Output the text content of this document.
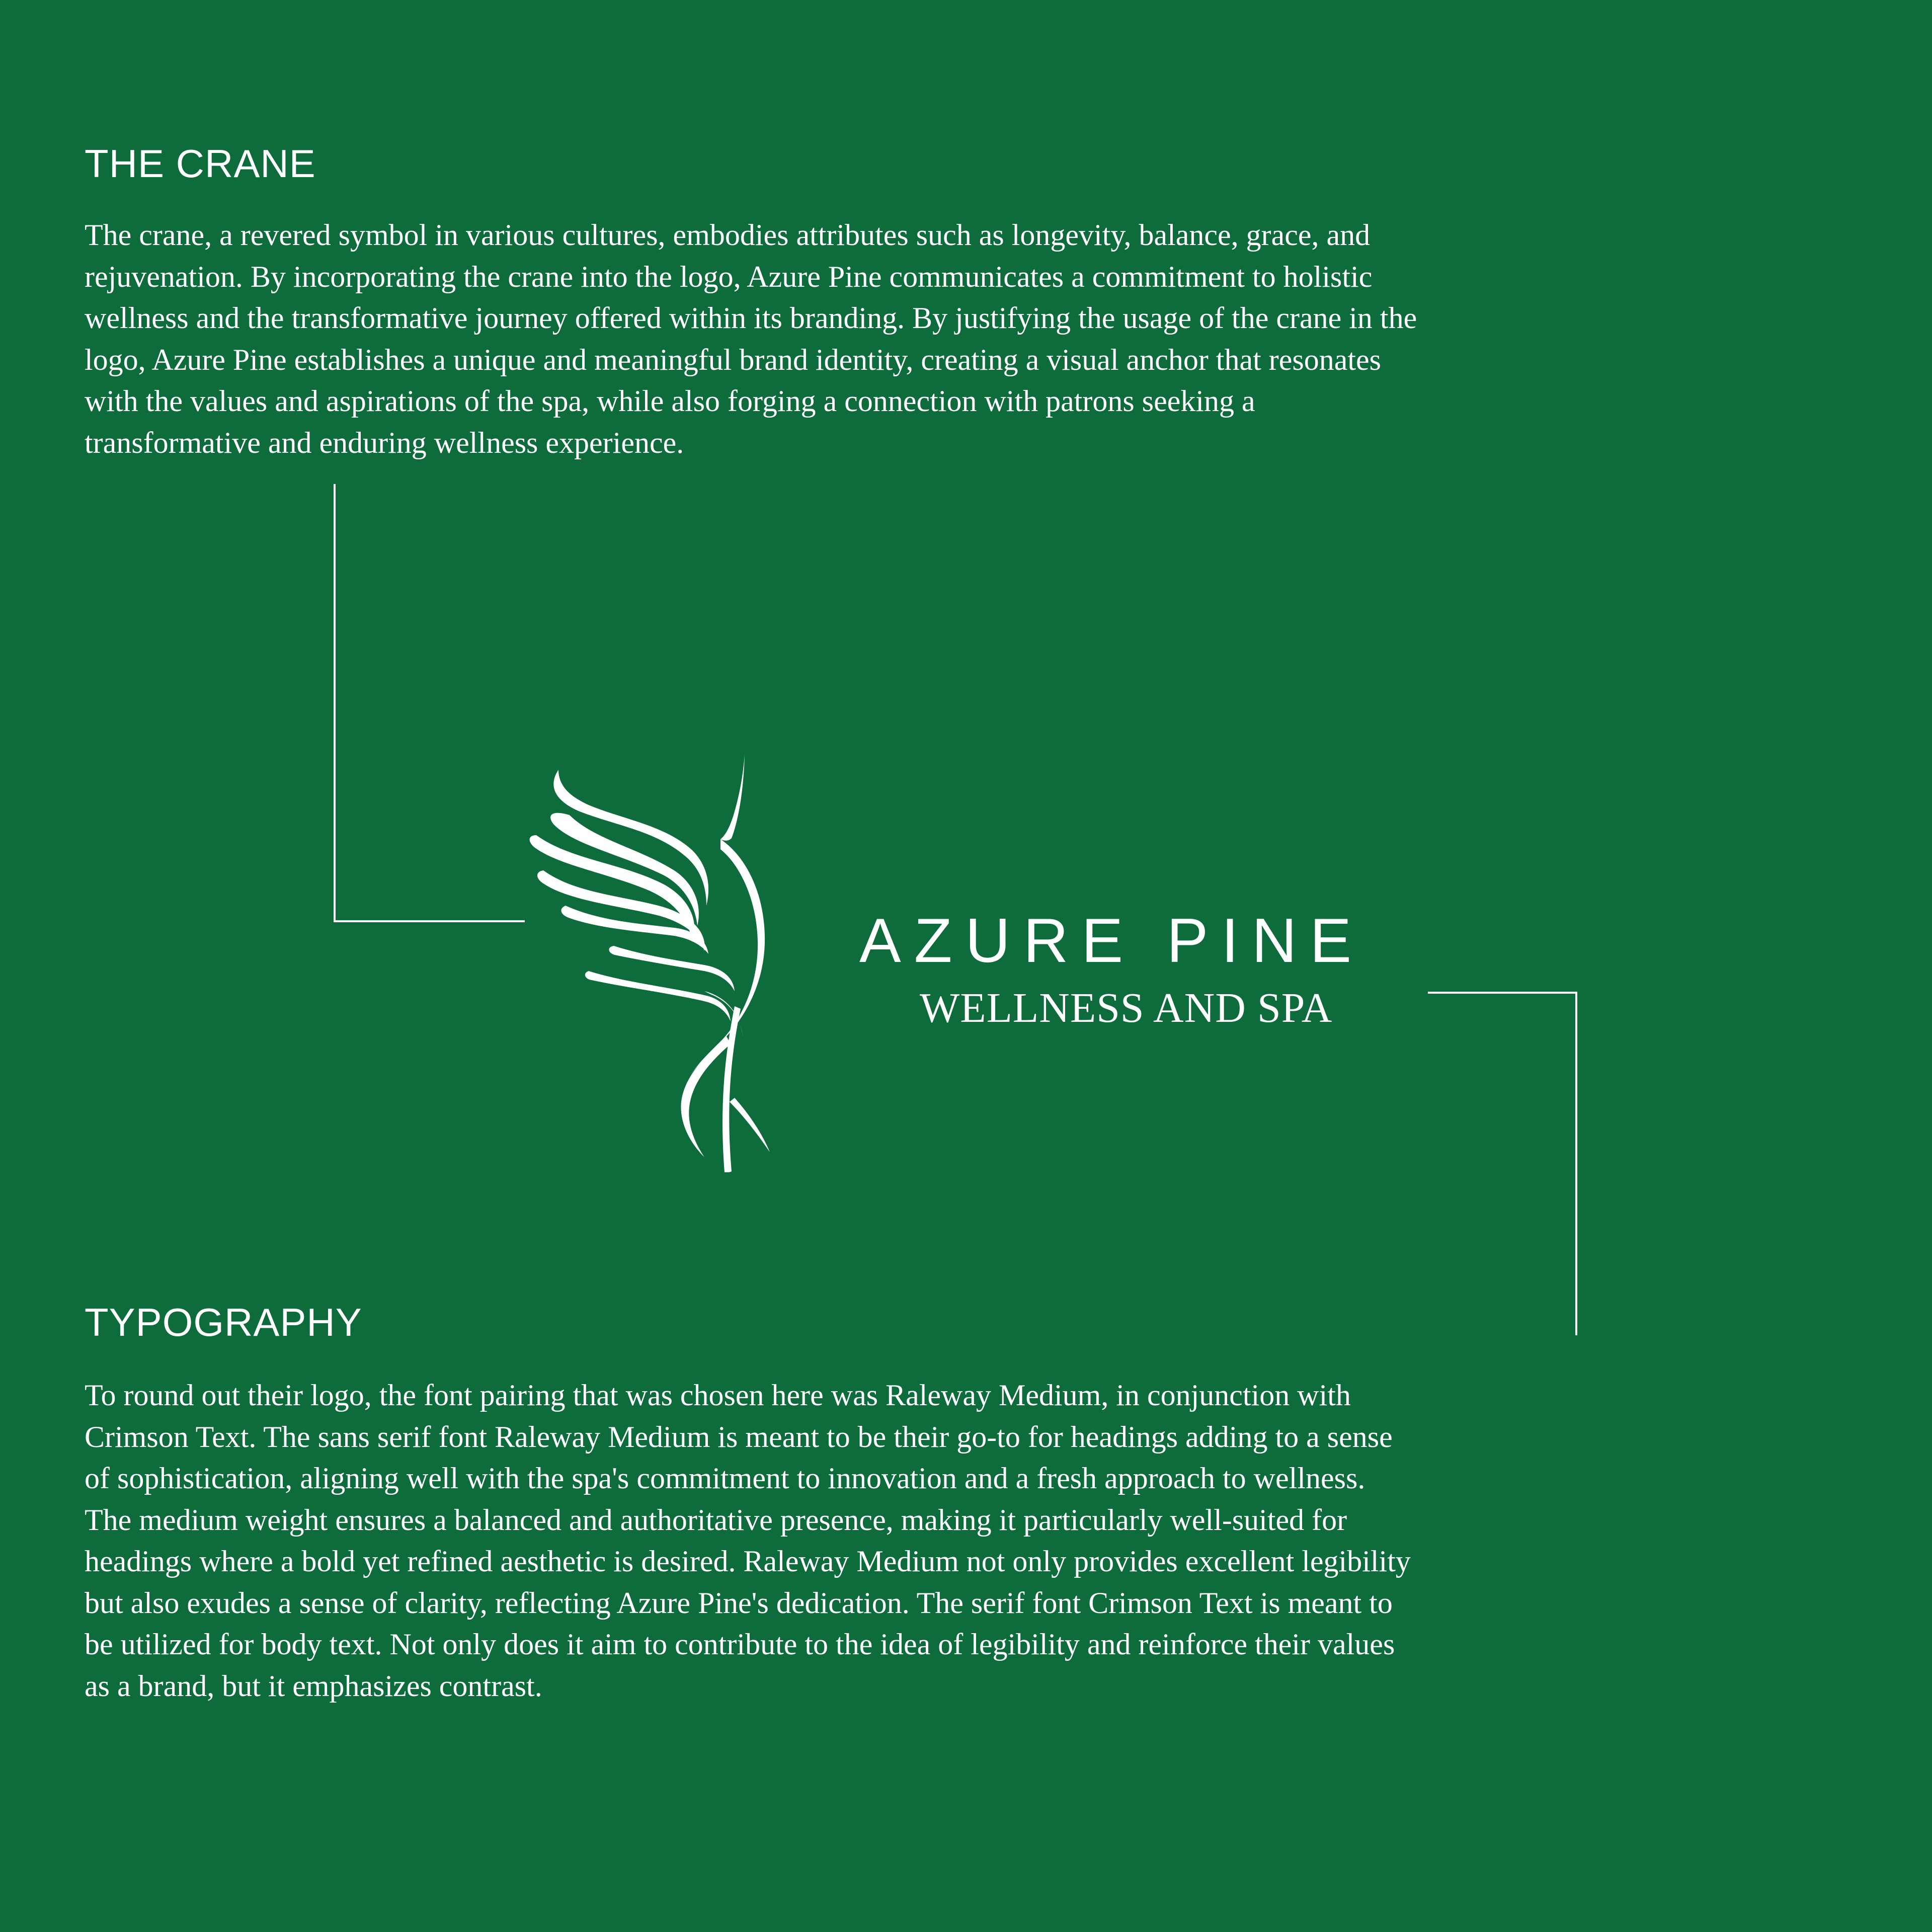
THE CRANE

The crane, a revered symbol in various cultures, embodies attributes such as longevity, balance, grace, and
rejuvenation. By incorporating the crane into the logo, Azure Pine communicates a commitment to holistic
wellness and the transformative journey offered within its branding. By justifying the usage of the crane in the
logo, Azure Pine establishes a unique and meaningful brand identity, creating a visual anchor that resonates
with the values and aspirations of the spa, while also forging a connection with patrons seeking a
transformative and enduring wellness experience.

AZURE PINE
WELLNESS AND SPA
TYPOGRAPHY

To round out their logo, the font pairing that was chosen here was Raleway Medium, in conjunction with
Crimson Text. The sans serif font Raleway Medium is meant to be their go-to for headings adding to a sense
of sophistication, aligning well with the spa's commitment to innovation and a fresh approach to wellness.
The medium weight ensures a balanced and authoritative presence, making it particularly well-suited for
headings where a bold yet refined aesthetic is desired. Raleway Medium not only provides excellent legibility
but also exudes a sense of clarity, reflecting Azure Pine's dedication. The serif font Crimson Text is meant to
be utilized for body text. Not only does it aim to contribute to the idea of legibility and reinforce their values
as a brand, but it emphasizes contrast.
